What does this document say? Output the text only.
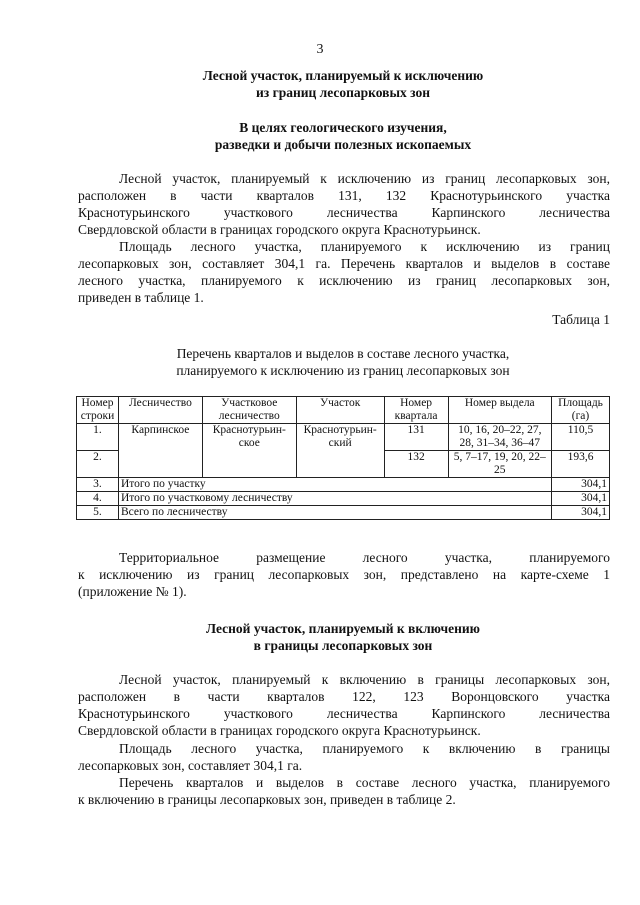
3
Лесной участок, планируемый к исключению
из границ лесопарковых зон
В целях геологического изучения,
разведки и добычи полезных ископаемых
Лесной участок, планируемый к исключению из границ лесопарковых зон,
расположен в части кварталов 131, 132 Краснотурьинского участка
Краснотурьинского участкового лесничества Карпинского лесничества
Свердловской области в границах городского округа Краснотурьинск.
Площадь лесного участка, планируемого к исключению из границ
лесопарковых зон, составляет 304,1 га. Перечень кварталов и выделов в составе
лесного участка, планируемого к исключению из границ лесопарковых зон,
приведен в таблице 1.
Таблица 1
Перечень кварталов и выделов в составе лесного участка,
планируемого к исключению из границ лесопарковых зон
Номер строки	Лесничество	Участковое лесничество	Участок	Номер квартала	Номер выдела	Площадь (га)
1.	Карпинское	Краснотурьин-ское	Краснотурьин-ский	131	10, 16, 20–22, 27, 28, 31–34, 36–47	110,5
2.				132	5, 7–17, 19, 20, 22–25	193,6
3.	Итого по участку					304,1
4.	Итого по участковому лесничеству					304,1
5.	Всего по лесничеству					304,1
Территориальное размещение лесного участка, планируемого
к исключению из границ лесопарковых зон, представлено на карте-схеме 1
(приложение № 1).
Лесной участок, планируемый к включению
в границы лесопарковых зон
Лесной участок, планируемый к включению в границы лесопарковых зон,
расположен в части кварталов 122, 123 Воронцовского участка
Краснотурьинского участкового лесничества Карпинского лесничества
Свердловской области в границах городского округа Краснотурьинск.
Площадь лесного участка, планируемого к включению в границы
лесопарковых зон, составляет 304,1 га.
Перечень кварталов и выделов в составе лесного участка, планируемого
к включению в границы лесопарковых зон, приведен в таблице 2.
